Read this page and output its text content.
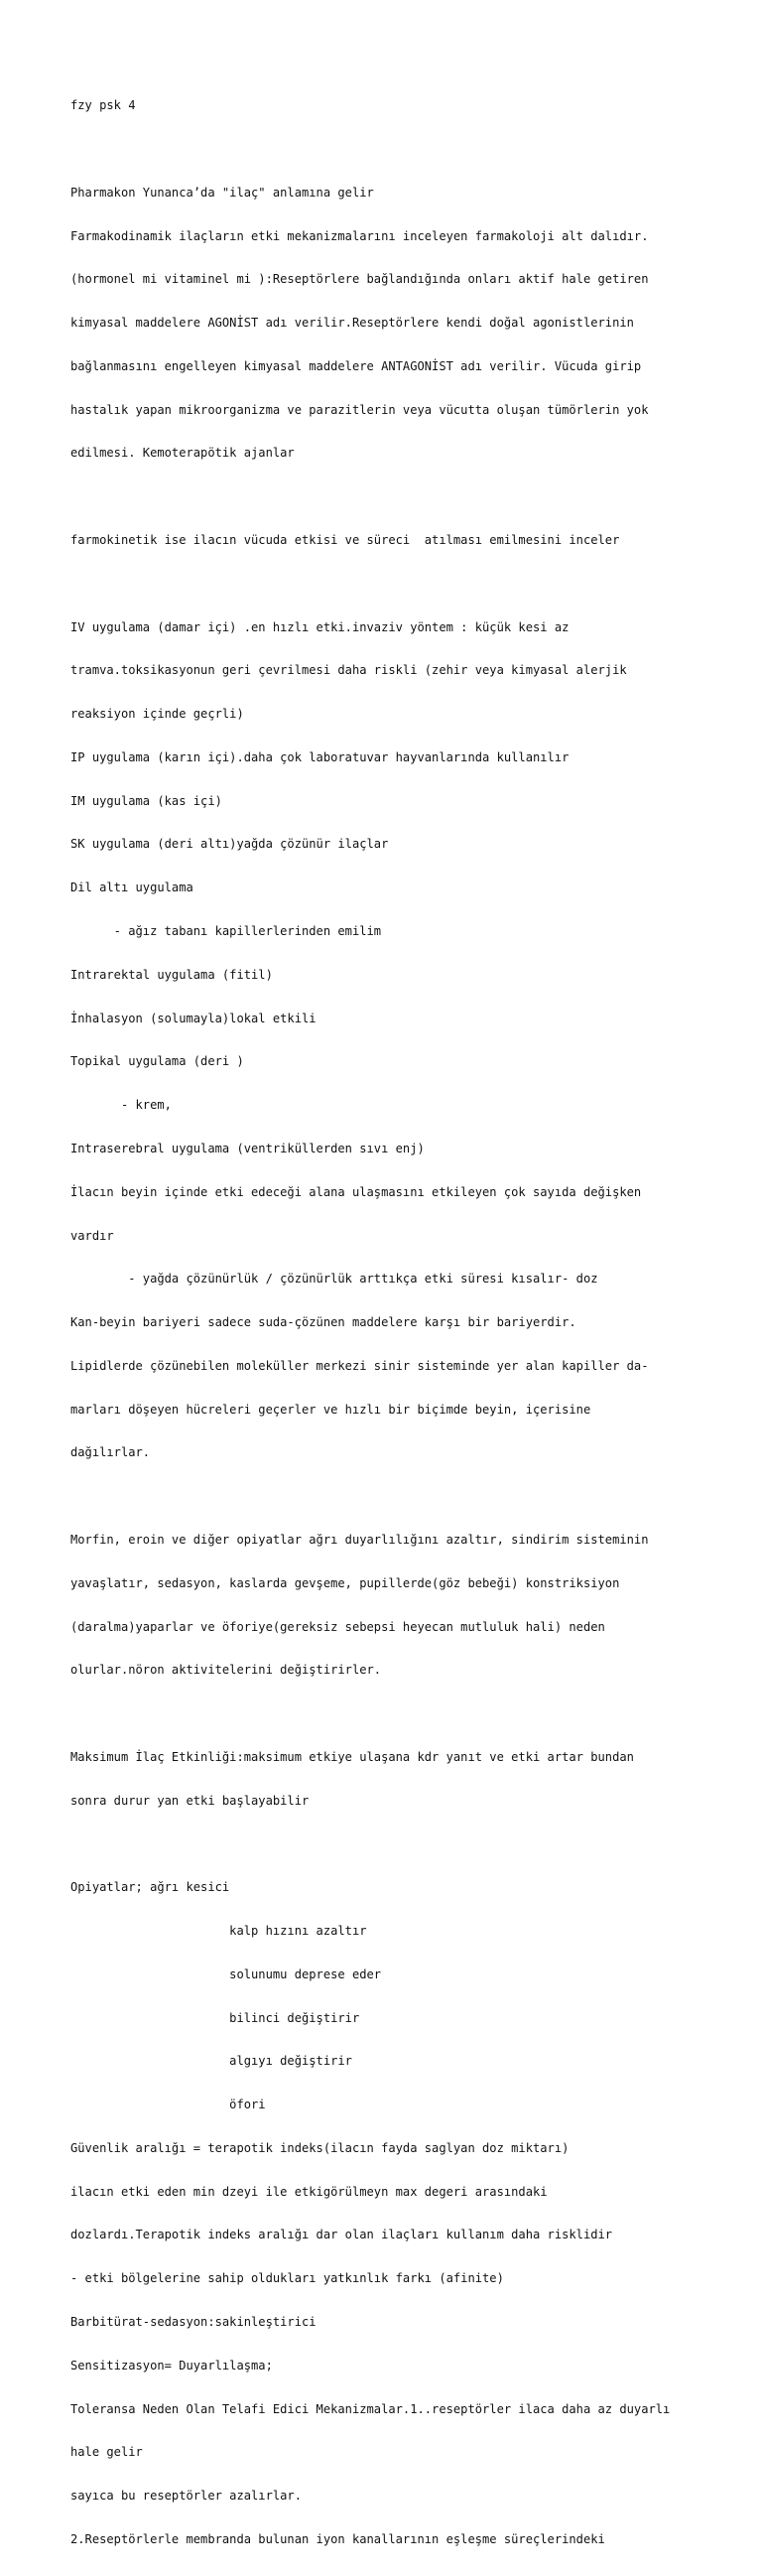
fzy psk 4

Pharmakon Yunanca’da "ilaç" anlamına gelir

Farmakodinamik ilaçların etki mekanizmalarını inceleyen farmakoloji alt dalıdır.

(hormonel mi vitaminel mi ):Reseptörlere bağlandığında onları aktif hale getiren

kimyasal maddelere AGONİST adı verilir.Reseptörlere kendi doğal agonistlerinin

bağlanmasını engelleyen kimyasal maddelere ANTAGONİST adı verilir. Vücuda girip

hastalık yapan mikroorganizma ve parazitlerin veya vücutta oluşan tümörlerin yok

edilmesi. Kemoterapötik ajanlar

farmokinetik ise ilacın vücuda etkisi ve süreci  atılması emilmesini inceler

IV uygulama (damar içi) .en hızlı etki.invaziv yöntem : küçük kesi az

tramva.toksikasyonun geri çevrilmesi daha riskli (zehir veya kimyasal alerjik

reaksiyon içinde geçrli)

IP uygulama (karın içi).daha çok laboratuvar hayvanlarında kullanılır

IM uygulama (kas içi)

SK uygulama (deri altı)yağda çözünür ilaçlar

Dil altı uygulama

- ağız tabanı kapillerlerinden emilim

Intrarektal uygulama (fitil)

İnhalasyon (solumayla)lokal etkili

Topikal uygulama (deri )

- krem,

Intraserebral uygulama (ventriküllerden sıvı enj)

İlacın beyin içinde etki edeceği alana ulaşmasını etkileyen çok sayıda değişken

vardır

- yağda çözünürlük / çözünürlük arttıkça etki süresi kısalır- doz

Kan-beyin bariyeri sadece suda-çözünen maddelere karşı bir bariyerdir.

Lipidlerde çözünebilen moleküller merkezi sinir sisteminde yer alan kapiller da-

marları döşeyen hücreleri geçerler ve hızlı bir biçimde beyin, içerisine

dağılırlar.

Morfin, eroin ve diğer opiyatlar ağrı duyarlılığını azaltır, sindirim sisteminin

yavaşlatır, sedasyon, kaslarda gevşeme, pupillerde(göz bebeği) konstriksiyon

(daralma)yaparlar ve öforiye(gereksiz sebepsi heyecan mutluluk hali) neden

olurlar.nöron aktivitelerini değiştirirler.

Maksimum İlaç Etkinliği:maksimum etkiye ulaşana kdr yanıt ve etki artar bundan

sonra durur yan etki başlayabilir

Opiyatlar; ağrı kesici

kalp hızını azaltır

solunumu deprese eder

bilinci değiştirir

algıyı değiştirir

öfori

Güvenlik aralığı = terapotik indeks(ilacın fayda saglyan doz miktarı)

ilacın etki eden min dzeyi ile etkigörülmeyn max degeri arasındaki

dozlardı.Terapotik indeks aralığı dar olan ilaçları kullanım daha risklidir

- etki bölgelerine sahip oldukları yatkınlık farkı (afinite)

Barbitürat-sedasyon:sakinleştirici

Sensitizasyon= Duyarlılaşma;

Toleransa Neden Olan Telafi Edici Mekanizmalar.1..reseptörler ilaca daha az duyarlı

hale gelir

sayıca bu reseptörler azalırlar.

2.Reseptörlerle membranda bulunan iyon kanallarının eşleşme süreçlerindeki
